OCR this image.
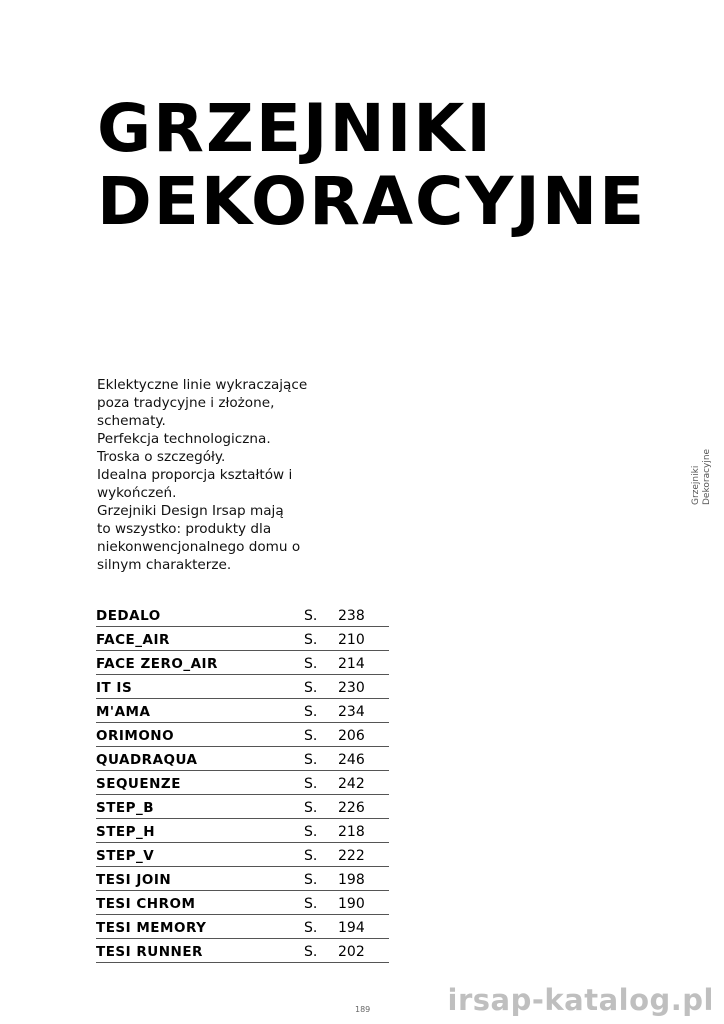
GRZEJNIKI
DEKORACYJNE

Eklektyczne linie wykraczające
poza tradycyjne i złożone,
schematy.
Perfekcja technologiczna.
Troska o szczegóły.
Idealna proporcja kształtów i
wykończeń.
Grzejniki Design Irsap mają
to wszystko: produkty dla
niekonwencjonalnego domu o
silnym charakterze.

Grzejniki Dekoracyjne
DEDALO	S.	238
FACE_AIR	S.	210
FACE ZERO_AIR	S.	214
IT IS	S.	230
M'AMA	S.	234
ORIMONO	S.	206
QUADRAQUA	S.	246
SEQUENZE	S.	242
STEP_B	S.	226
STEP_H	S.	218
STEP_V	S.	222
TESI JOIN	S.	198
TESI CHROM	S.	190
TESI MEMORY	S.	194
TESI RUNNER	S.	202
189	irsap-katalog.pl
